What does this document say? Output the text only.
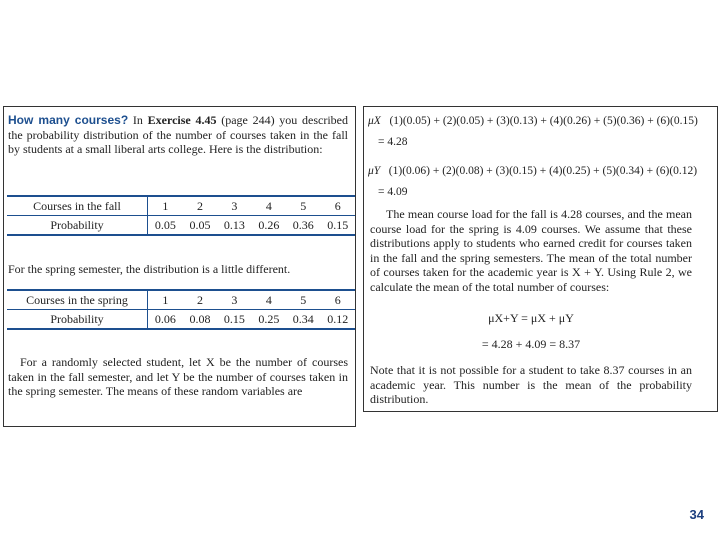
How many courses? In Exercise 4.45 (page 244) you described the probability distribution of the number of courses taken in the fall by students at a small liberal arts college. Here is the distribution:
Courses in the fall	1	2	3	4	5	6
Probability	0.05	0.05	0.13	0.26	0.36	0.15
For the spring semester, the distribution is a little different.
Courses in the spring	1	2	3	4	5	6
Probability	0.06	0.08	0.15	0.25	0.34	0.12
For a randomly selected student, let X be the number of courses taken in the fall semester, and let Y be the number of courses taken in the spring semester. The means of these random variables are
μX (1)(0.05) + (2)(0.05) + (3)(0.13) + (4)(0.26) + (5)(0.36) + (6)(0.15)
= 4.28
μY (1)(0.06) + (2)(0.08) + (3)(0.15) + (4)(0.25) + (5)(0.34) + (6)(0.12)
= 4.09
The mean course load for the fall is 4.28 courses, and the mean course load for the spring is 4.09 courses. We assume that these distributions apply to students who earned credit for courses taken in the fall and the spring semesters. The mean of the total number of courses taken for the academic year is X + Y. Using Rule 2, we calculate the mean of the total number of courses:
μX+Y = μX + μY
= 4.28 + 4.09 = 8.37
Note that it is not possible for a student to take 8.37 courses in an academic year. This number is the mean of the probability distribution.
34
